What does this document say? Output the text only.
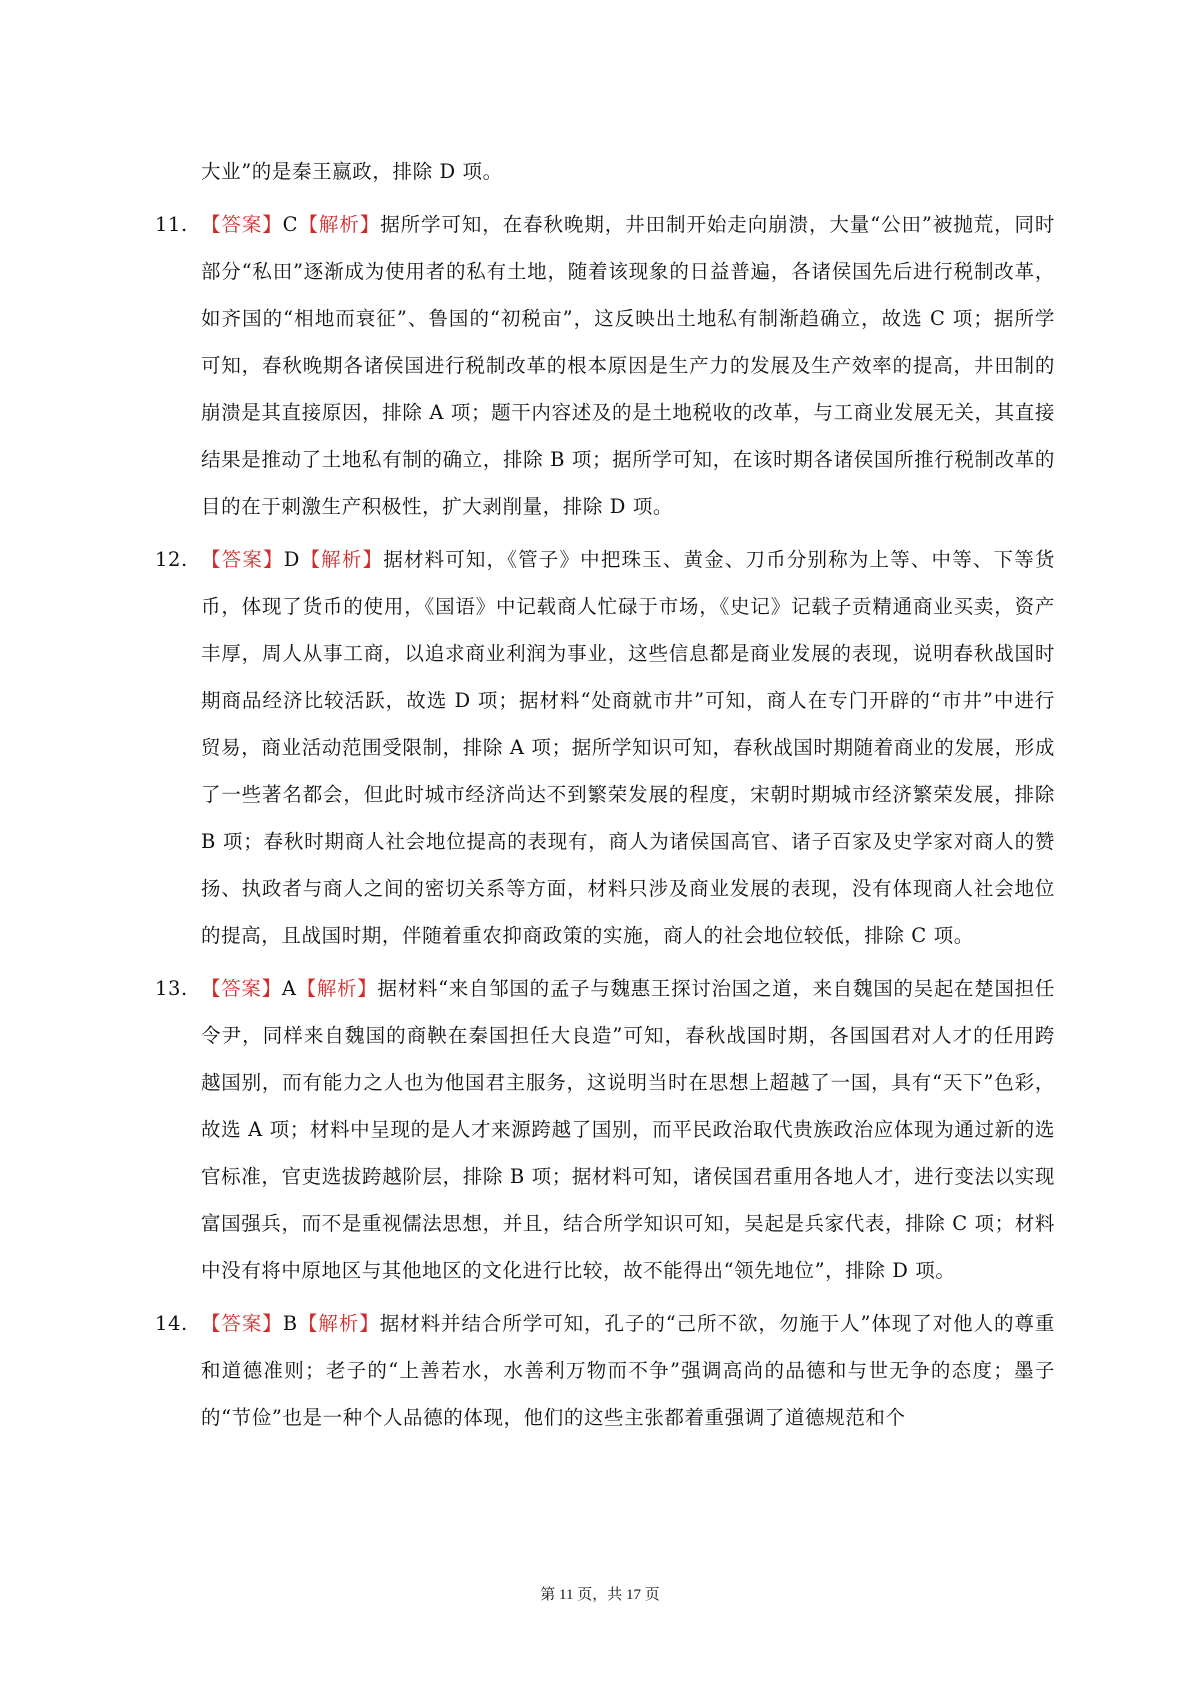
大业”的是秦王嬴政，排除 D 项。

11. 【答案】C【解析】据所学可知，在春秋晚期，井田制开始走向崩溃，大量“公田”被抛荒，同时部分“私田”逐渐成为使用者的私有土地，随着该现象的日益普遍，各诸侯国先后进行税制改革，如齐国的“相地而衰征”、鲁国的“初税亩”，这反映出土地私有制渐趋确立，故选 C 项；据所学可知，春秋晚期各诸侯国进行税制改革的根本原因是生产力的发展及生产效率的提高，井田制的崩溃是其直接原因，排除 A 项；题干内容述及的是土地税收的改革，与工商业发展无关，其直接结果是推动了土地私有制的确立，排除 B 项；据所学可知，在该时期各诸侯国所推行税制改革的目的在于刺激生产积极性，扩大剥削量，排除 D 项。

12. 【答案】D【解析】据材料可知，《管子》中把珠玉、黄金、刀币分别称为上等、中等、下等货币，体现了货币的使用，《国语》中记载商人忙碌于市场，《史记》记载子贡精通商业买卖，资产丰厚，周人从事工商，以追求商业利润为事业，这些信息都是商业发展的表现，说明春秋战国时期商品经济比较活跃，故选 D 项；据材料“处商就市井”可知，商人在专门开辟的“市井”中进行贸易，商业活动范围受限制，排除 A 项；据所学知识可知，春秋战国时期随着商业的发展，形成了一些著名都会，但此时城市经济尚达不到繁荣发展的程度，宋朝时期城市经济繁荣发展，排除 B 项；春秋时期商人社会地位提高的表现有，商人为诸侯国高官、诸子百家及史学家对商人的赞扬、执政者与商人之间的密切关系等方面，材料只涉及商业发展的表现，没有体现商人社会地位的提高，且战国时期，伴随着重农抑商政策的实施，商人的社会地位较低，排除 C 项。

13. 【答案】A【解析】据材料“来自邹国的孟子与魏惠王探讨治国之道，来自魏国的吴起在楚国担任令尹，同样来自魏国的商鞅在秦国担任大良造”可知，春秋战国时期，各国国君对人才的任用跨越国别，而有能力之人也为他国君主服务，这说明当时在思想上超越了一国，具有“天下”色彩，故选 A 项；材料中呈现的是人才来源跨越了国别，而平民政治取代贵族政治应体现为通过新的选官标准，官吏选拔跨越阶层，排除 B 项；据材料可知，诸侯国君重用各地人才，进行变法以实现富国强兵，而不是重视儒法思想，并且，结合所学知识可知，吴起是兵家代表，排除 C 项；材料中没有将中原地区与其他地区的文化进行比较，故不能得出“领先地位”，排除 D 项。

14. 【答案】B【解析】据材料并结合所学可知，孔子的“己所不欲，勿施于人”体现了对他人的尊重和道德准则；老子的“上善若水，水善利万物而不争”强调高尚的品德和与世无争的态度；墨子的“节俭”也是一种个人品德的体现，他们的这些主张都着重强调了道德规范和个

第 11 页，共 17 页
